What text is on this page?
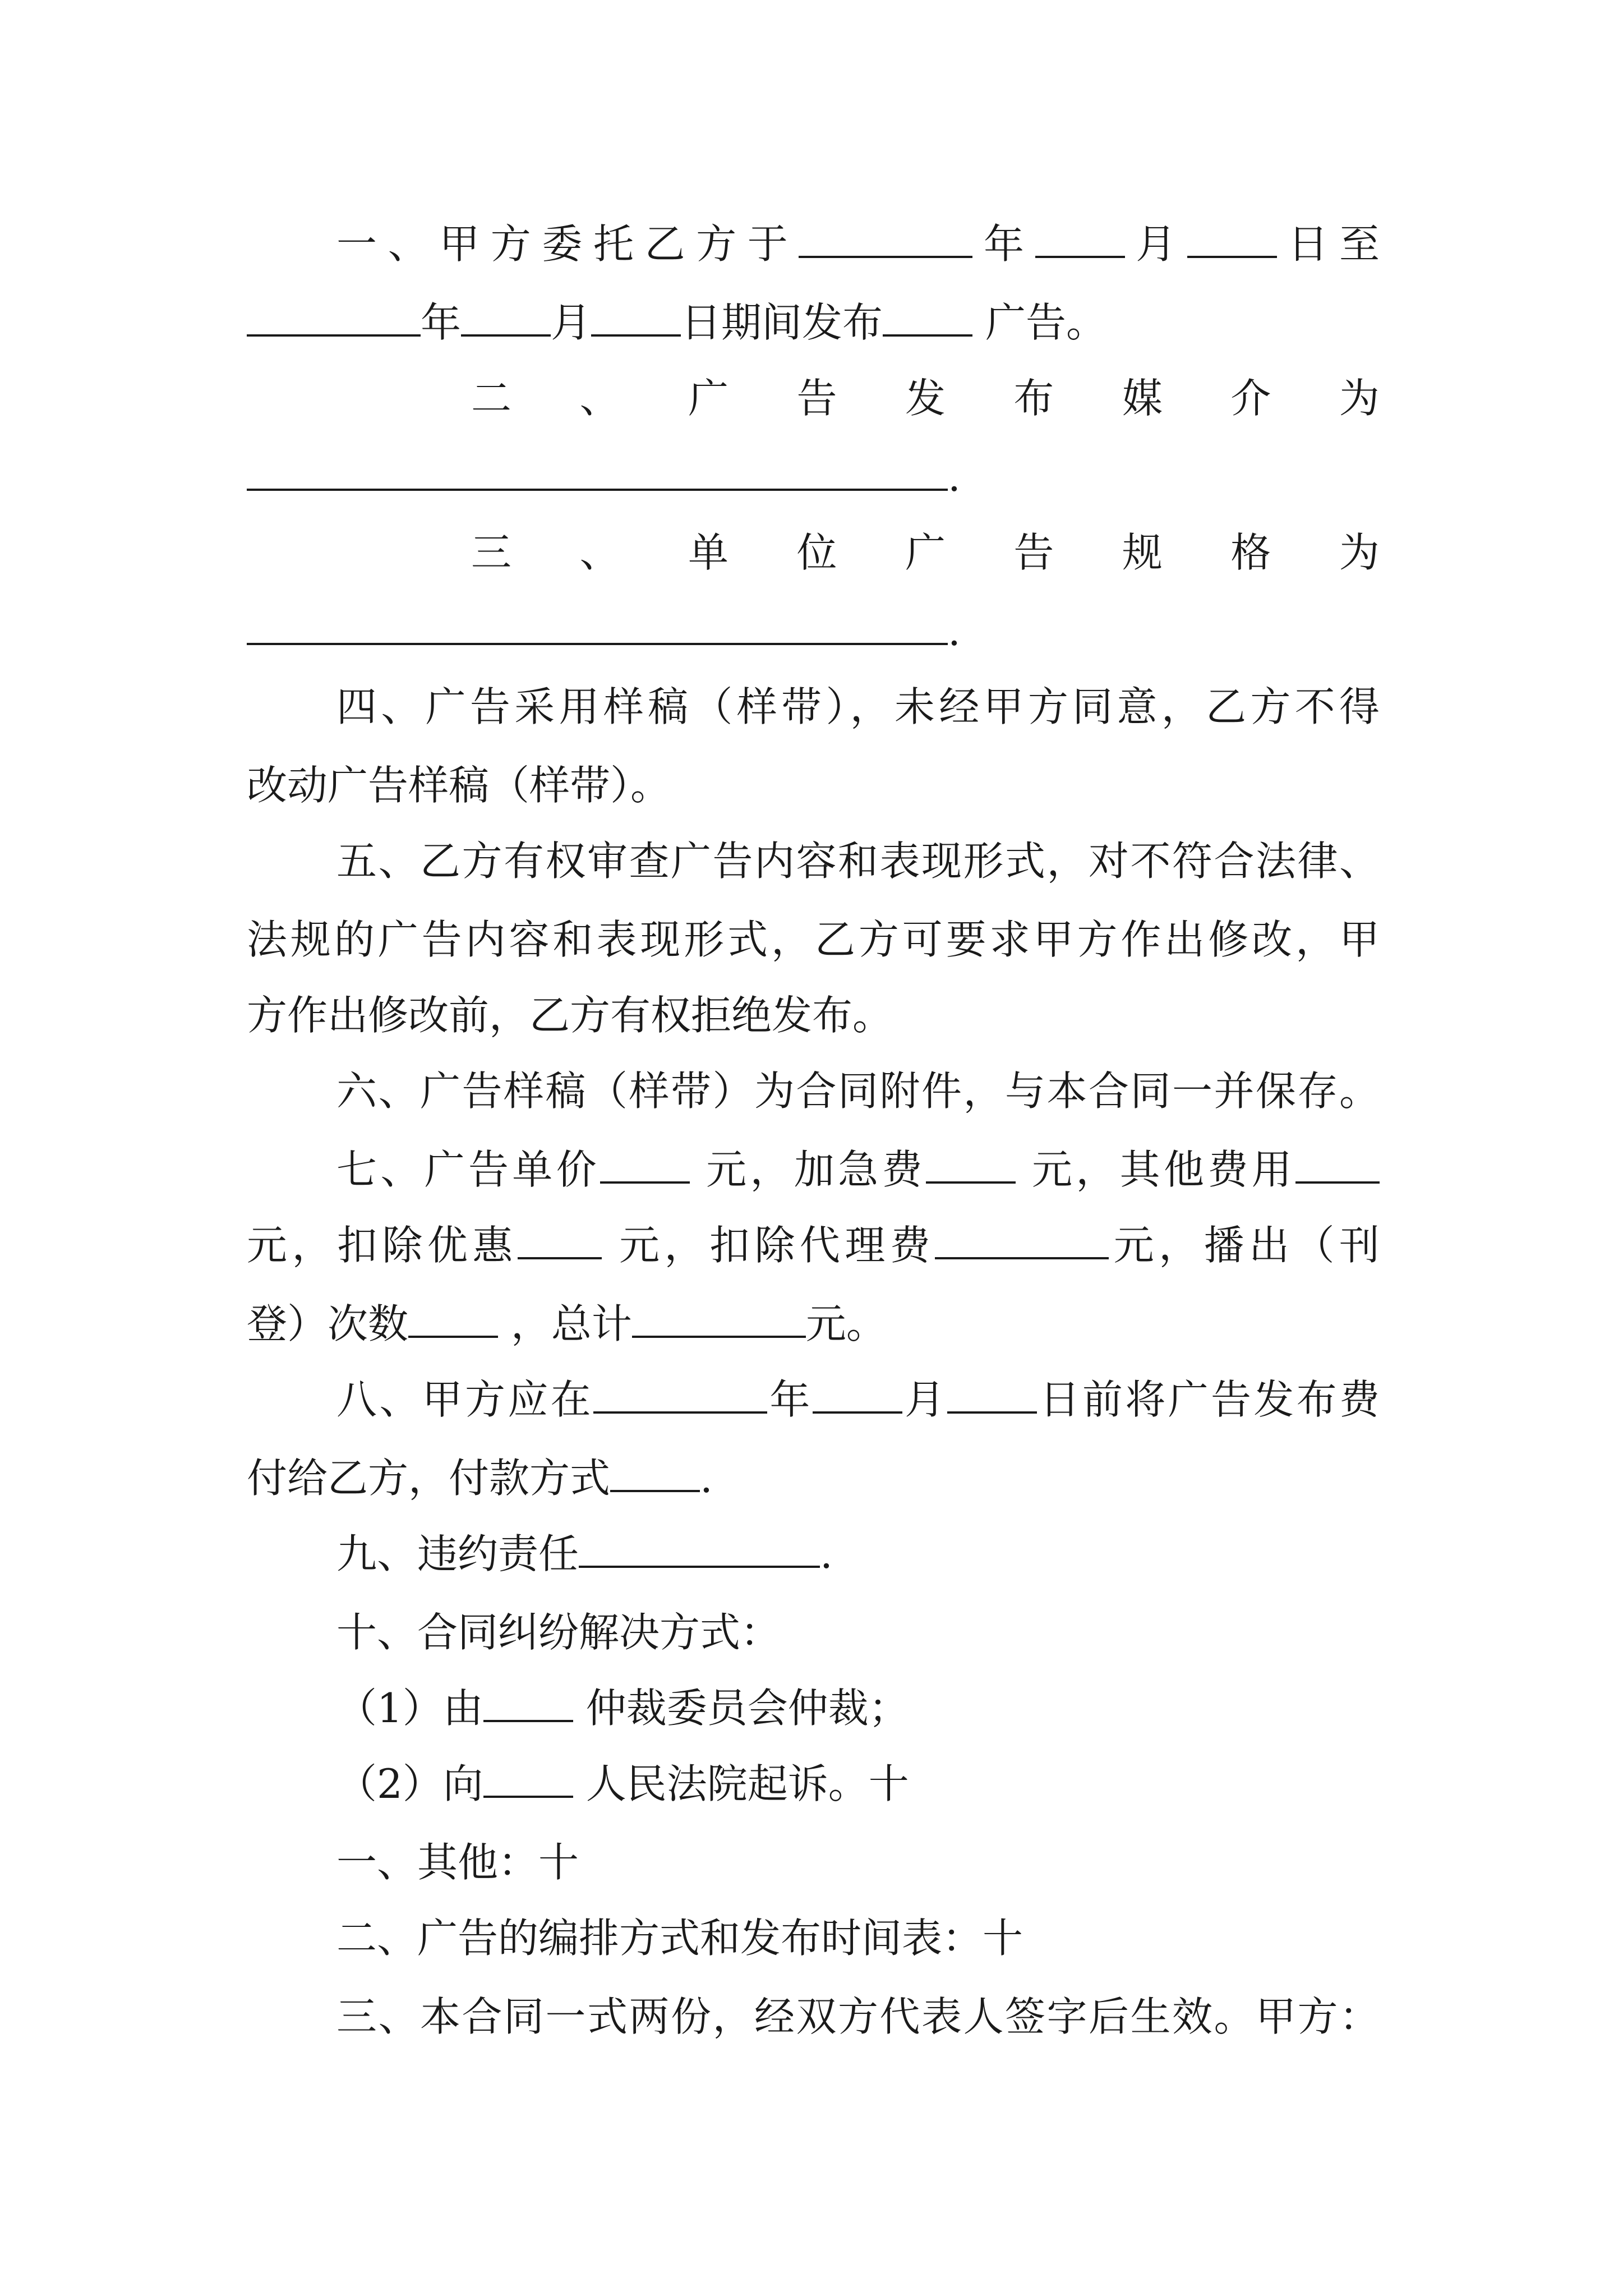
一、甲方委托乙方于	年 月 日至
年 月 日期间发布	广告。
二 、 广 告 发 布 媒 介 为
.
三 、 单 位 广 告 规 格 为
.
四、广告采用样稿（样带），未经甲方同意，乙方不得
改动广告样稿（样带）。
五、乙方有权审查广告内容和表现形式，对不符合法律、
法规的广告内容和表现形式，乙方可要求甲方作出修改，甲
方作出修改前，乙方有权拒绝发布。
六、广告样稿（样带）为合同附件，与本合同一并保存。
七、广告单价	元，加急费	元，其他费用
元，扣除优惠	元，扣除代理费	元，播出（刊
登）次数	，总计	元。
八、甲方应在	年 月 日前将广告发布费
付给乙方，付款方式 .
九、违约责任	.
十、合同纠纷解决方式：
（1）由	仲裁委员会仲裁；
（2）向	人民法院起诉。十
一、其他：十
二、广告的编排方式和发布时间表：十
三、本合同一式两份，经双方代表人签字后生效。甲方：
